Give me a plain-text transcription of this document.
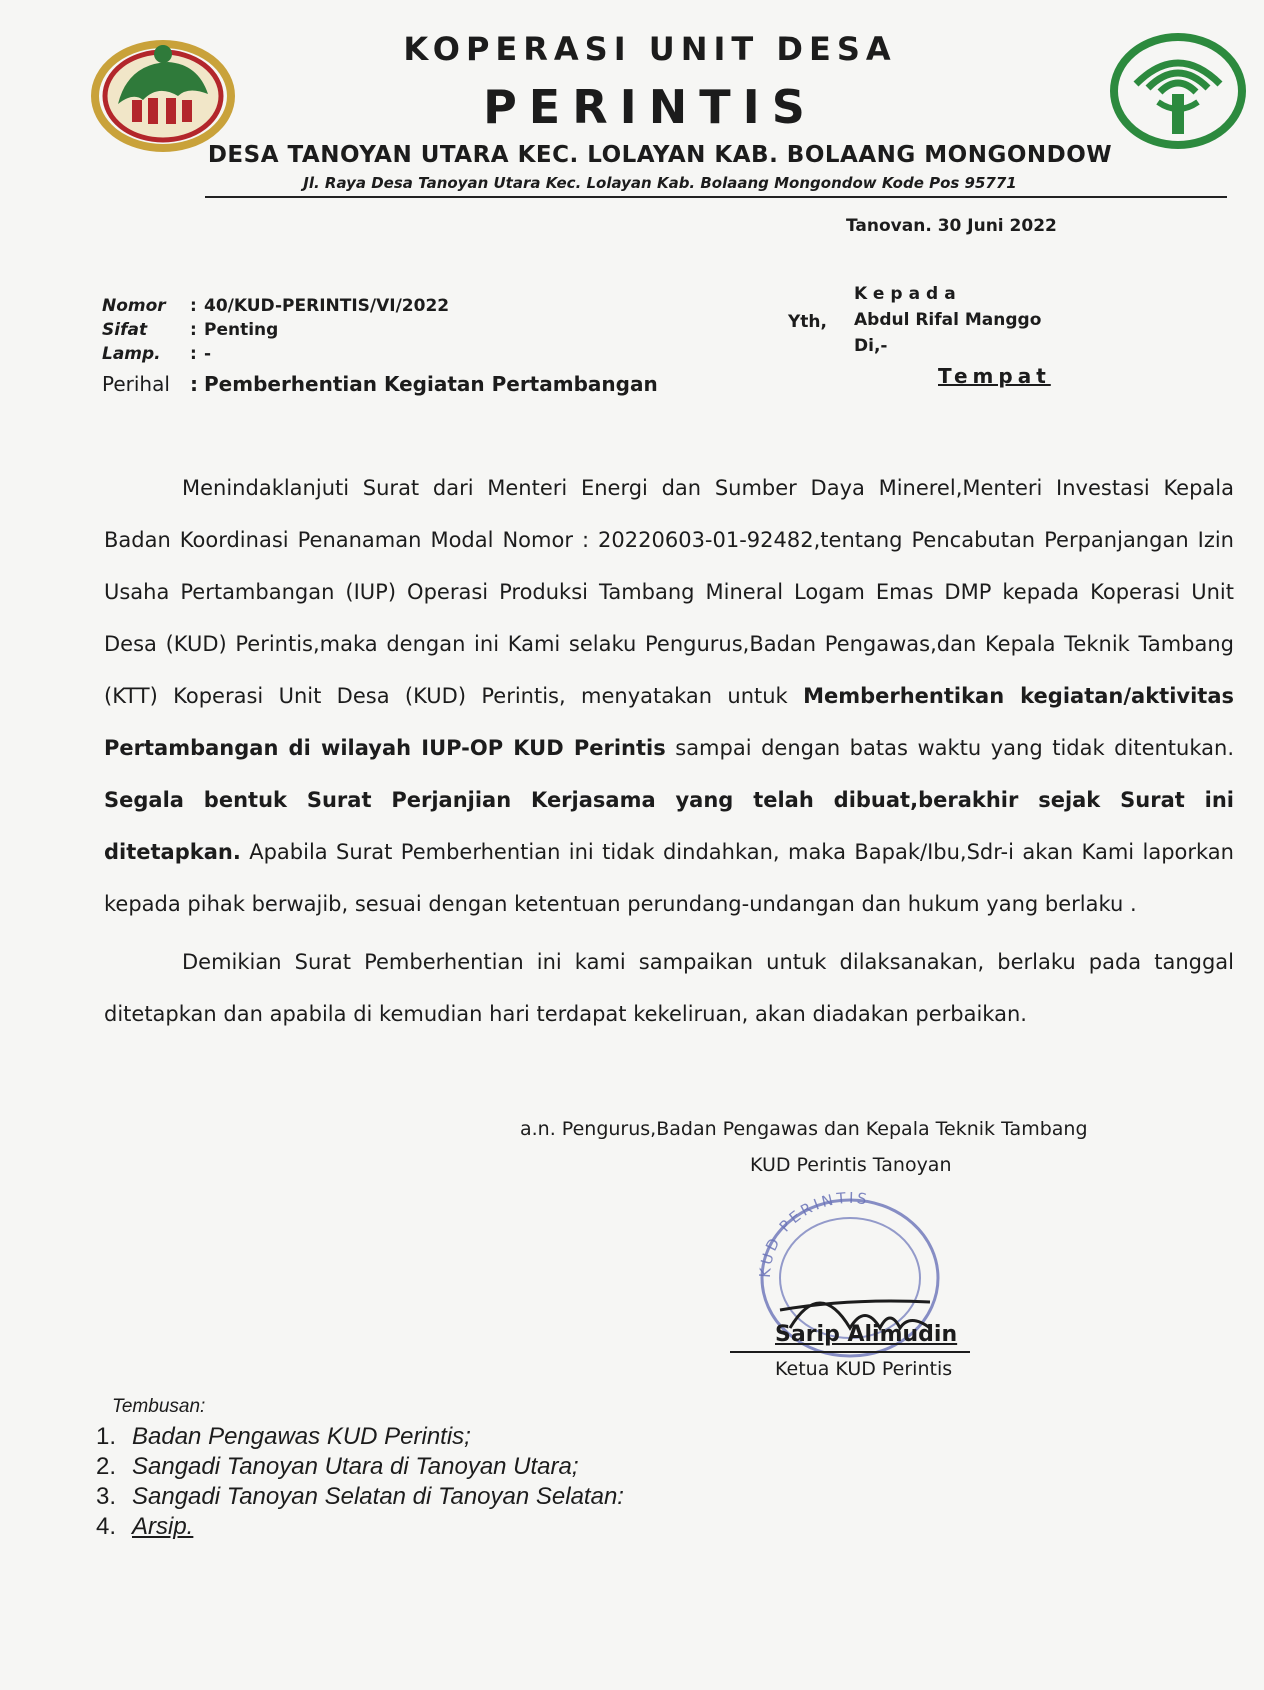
KOPERASI UNIT DESA
PERINTIS
DESA TANOYAN UTARA KEC. LOLAYAN KAB. BOLAANG MONGONDOW
Jl. Raya Desa Tanoyan Utara Kec. Lolayan Kab. Bolaang Mongondow Kode Pos 95771
Tanovan. 30 Juni 2022
Nomor	: 40/KUD-PERINTIS/VI/2022
Sifat	: Penting
Lamp.	: -
Perihal	: Pemberhentian Kegiatan Pertambangan
Kepada
Yth, Abdul Rifal Manggo
Di,-
Tempat

Menindaklanjuti Surat dari Menteri Energi dan Sumber Daya Minerel,Menteri Investasi Kepala Badan Koordinasi Penanaman Modal Nomor : 20220603-01-92482,tentang Pencabutan Perpanjangan Izin Usaha Pertambangan (IUP) Operasi Produksi Tambang Mineral Logam Emas DMP kepada Koperasi Unit Desa (KUD) Perintis,maka dengan ini Kami selaku Pengurus,Badan Pengawas,dan Kepala Teknik Tambang (KTT) Koperasi Unit Desa (KUD) Perintis, menyatakan untuk Memberhentikan kegiatan/aktivitas Pertambangan di wilayah IUP-OP KUD Perintis sampai dengan batas waktu yang tidak ditentukan. Segala bentuk Surat Perjanjian Kerjasama yang telah dibuat,berakhir sejak Surat ini ditetapkan. Apabila Surat Pemberhentian ini tidak dindahkan, maka Bapak/Ibu,Sdr-i akan Kami laporkan kepada pihak berwajib, sesuai dengan ketentuan perundang-undangan dan hukum yang berlaku .

Demikian Surat Pemberhentian ini kami sampaikan untuk dilaksanakan, berlaku pada tanggal ditetapkan dan apabila di kemudian hari terdapat kekeliruan, akan diadakan perbaikan.

a.n. Pengurus,Badan Pengawas dan Kepala Teknik Tambang
KUD Perintis Tanoyan
KUD PERINTIS
Sarip Alimudin
Ketua KUD Perintis
Tembusan:
1. Badan Pengawas KUD Perintis;
2. Sangadi Tanoyan Utara di Tanoyan Utara;
3. Sangadi Tanoyan Selatan di Tanoyan Selatan:
4. Arsip.
